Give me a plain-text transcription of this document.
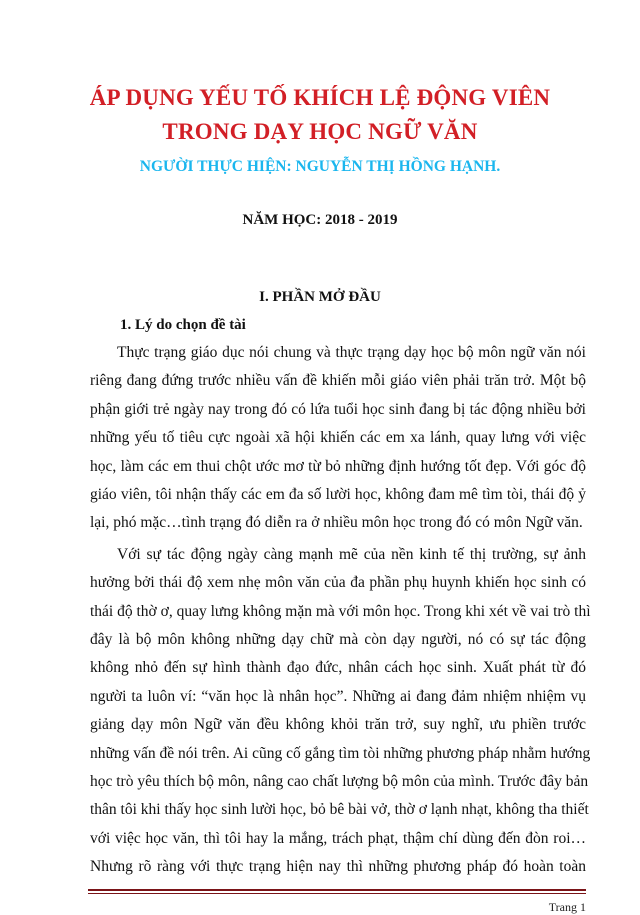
ÁP DỤNG YẾU TỐ KHÍCH LỆ ĐỘNG VIÊN
TRONG DẠY HỌC NGỮ VĂN
NGƯỜI THỰC HIỆN: NGUYỄN THỊ HỒNG HẠNH.
NĂM HỌC: 2018 - 2019
I. PHẦN MỞ ĐẦU
1. Lý do chọn đề tài
Thực trạng giáo dục nói chung và thực trạng dạy học bộ môn ngữ văn nói
riêng đang đứng trước nhiều vấn đề khiến mỗi giáo viên phải trăn trở. Một bộ
phận giới trẻ ngày nay trong đó có lứa tuổi học sinh đang bị tác động nhiều bởi
những yếu tố tiêu cực ngoài xã hội khiến các em xa lánh, quay lưng với việc
học, làm các em thui chột ước mơ từ bỏ những định hướng tốt đẹp. Với góc độ
giáo viên, tôi nhận thấy các em đa số lười học, không đam mê tìm tòi, thái độ ỷ
lại, phó mặc…tình trạng đó diễn ra ở nhiều môn học trong đó có môn Ngữ văn.
Với sự tác động ngày càng mạnh mẽ của nền kinh tế thị trường, sự ảnh
hưởng bởi thái độ xem nhẹ môn văn của đa phần phụ huynh khiến học sinh có
thái độ thờ ơ, quay lưng không mặn mà với môn học. Trong khi xét về vai trò thì
đây là bộ môn không những dạy chữ mà còn dạy người, nó có sự tác động
không nhỏ đến sự hình thành đạo đức, nhân cách học sinh. Xuất phát từ đó
người ta luôn ví: “văn học là nhân học”. Những ai đang đảm nhiệm nhiệm vụ
giảng dạy môn Ngữ văn đều không khỏi trăn trở, suy nghĩ, ưu phiền trước
những vấn đề nói trên. Ai cũng cố gắng tìm tòi những phương pháp nhằm hướng
học trò yêu thích bộ môn, nâng cao chất lượng bộ môn của mình. Trước đây bản
thân tôi khi thấy học sinh lười học, bỏ bê bài vở, thờ ơ lạnh nhạt, không tha thiết
với việc học văn, thì tôi hay la mắng, trách phạt, thậm chí dùng đến đòn roi…
Nhưng rõ ràng với thực trạng hiện nay thì những phương pháp đó hoàn toàn
Trang 1
